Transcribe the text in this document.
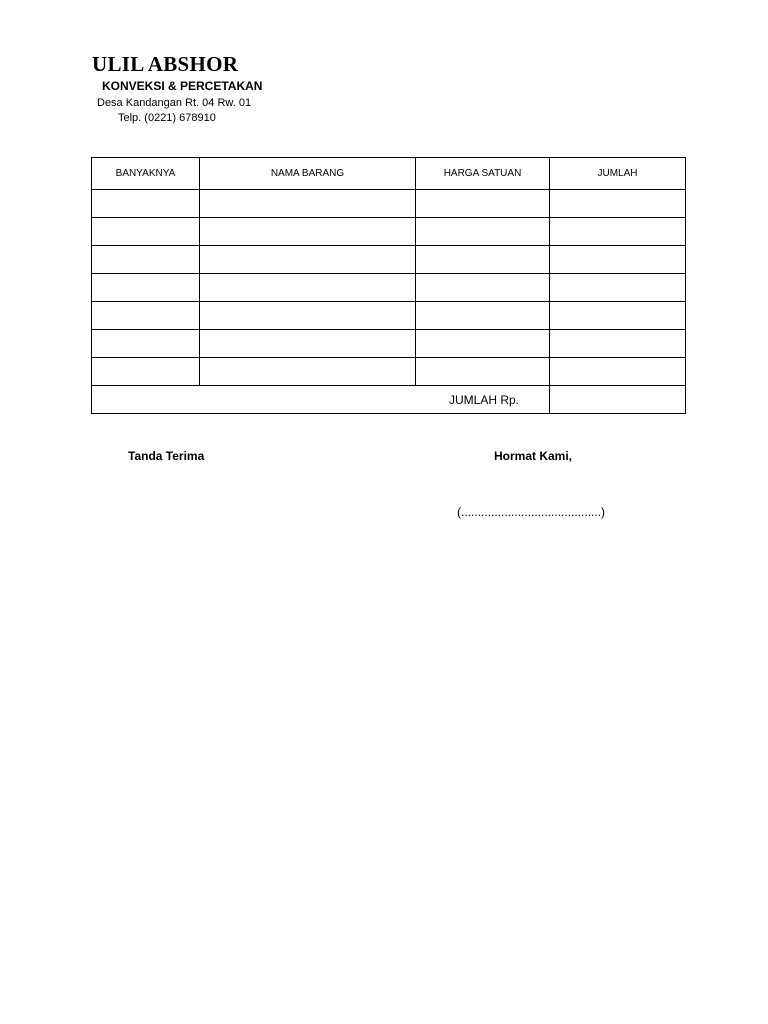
ULIL ABSHOR
KONVEKSI & PERCETAKAN
Desa Kandangan Rt. 04 Rw. 01
Telp. (0221) 678910
BANYAKNYA	NAMA BARANG	HARGA SATUAN	JUMLAH

JUMLAH Rp.			
Tanda Terima	Hormat Kami,
(..........................................)
